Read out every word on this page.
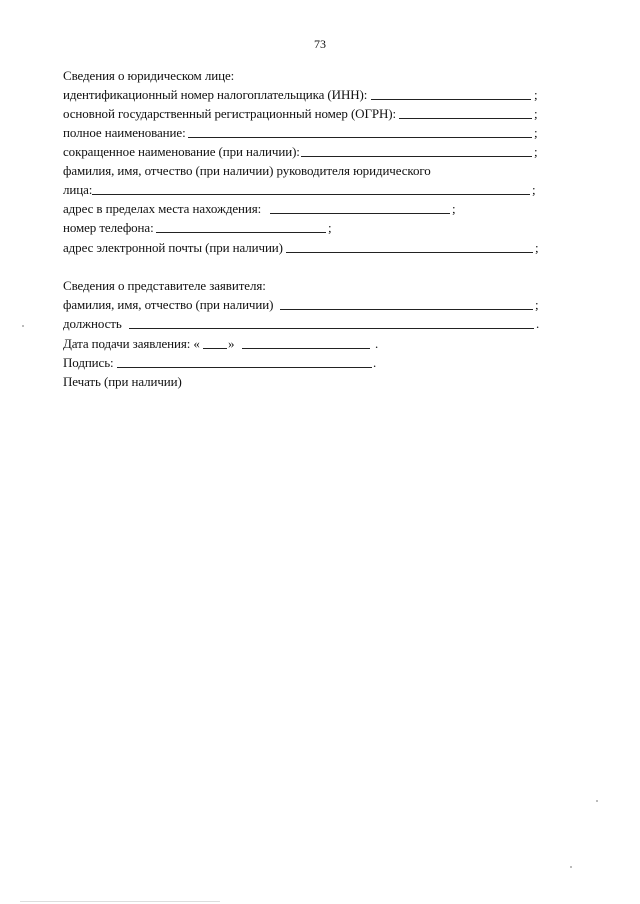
73
Сведения о юридическом лице:
идентификационный номер налогоплательщика (ИНН):	;
основной государственный регистрационный номер (ОГРН):	;
полное наименование:	;
сокращенное наименование (при наличии):	;
фамилия, имя, отчество (при наличии) руководителя юридического
лица:	;
адрес в пределах места нахождения:	;
номер телефона:	;
адрес электронной почты (при наличии)	;
Сведения о представителе заявителя:
фамилия, имя, отчество (при наличии)	;
должность	.
Дата подачи заявления: « »	.
Подпись:	.
Печать (при наличии)
